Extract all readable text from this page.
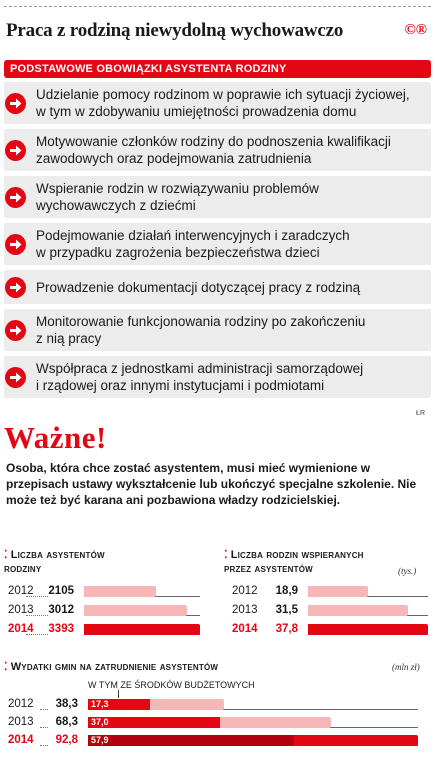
Praca z rodziną niewydolną wychowawczo	©®
PODSTAWOWE OBOWIĄZKI ASYSTENTA RODZINY
Udzielanie pomocy rodzinom w poprawie ich sytuacji życiowej,
w tym w zdobywaniu umiejętności prowadzenia domu
Motywowanie członków rodziny do podnoszenia kwalifikacji
zawodowych oraz podejmowania zatrudnienia
Wspieranie rodzin w rozwiązywaniu problemów
wychowawczych z dziećmi
Podejmowanie działań interwencyjnych i zaradczych
w przypadku zagrożenia bezpieczeństwa dzieci
Prowadzenie dokumentacji dotyczącej pracy z rodziną
Monitorowanie funkcjonowania rodziny po zakończeniu
z nią pracy
Współpraca z jednostkami administracji samorządowej
i rządowej oraz innymi instytucjami i podmiotami
ŁR
Ważne!
Osoba, która chce zostać asystentem, musi mieć wymienione w przepisach ustawy wykształcenie lub ukończyć specjalne szkolenie. Nie może też być karana ani pozbawiona władzy rodzicielskiej.
⁚ Liczba asystentów
rodziny
⁚ Liczba rodzin wspieranych
przez asystentów	(tys.)
⁚ Wydatki gmin na zatrudnienie asystentów	(mln zł)
W TYM ZE ŚRODKÓW BUDŻETOWYCH
2012	2105
2013	3012
2014	3393
2012	18,9
2013	31,5
2014	37,8
2012	38,3	17,3
2013	68,3	37,0
2014	92,8	57,9
